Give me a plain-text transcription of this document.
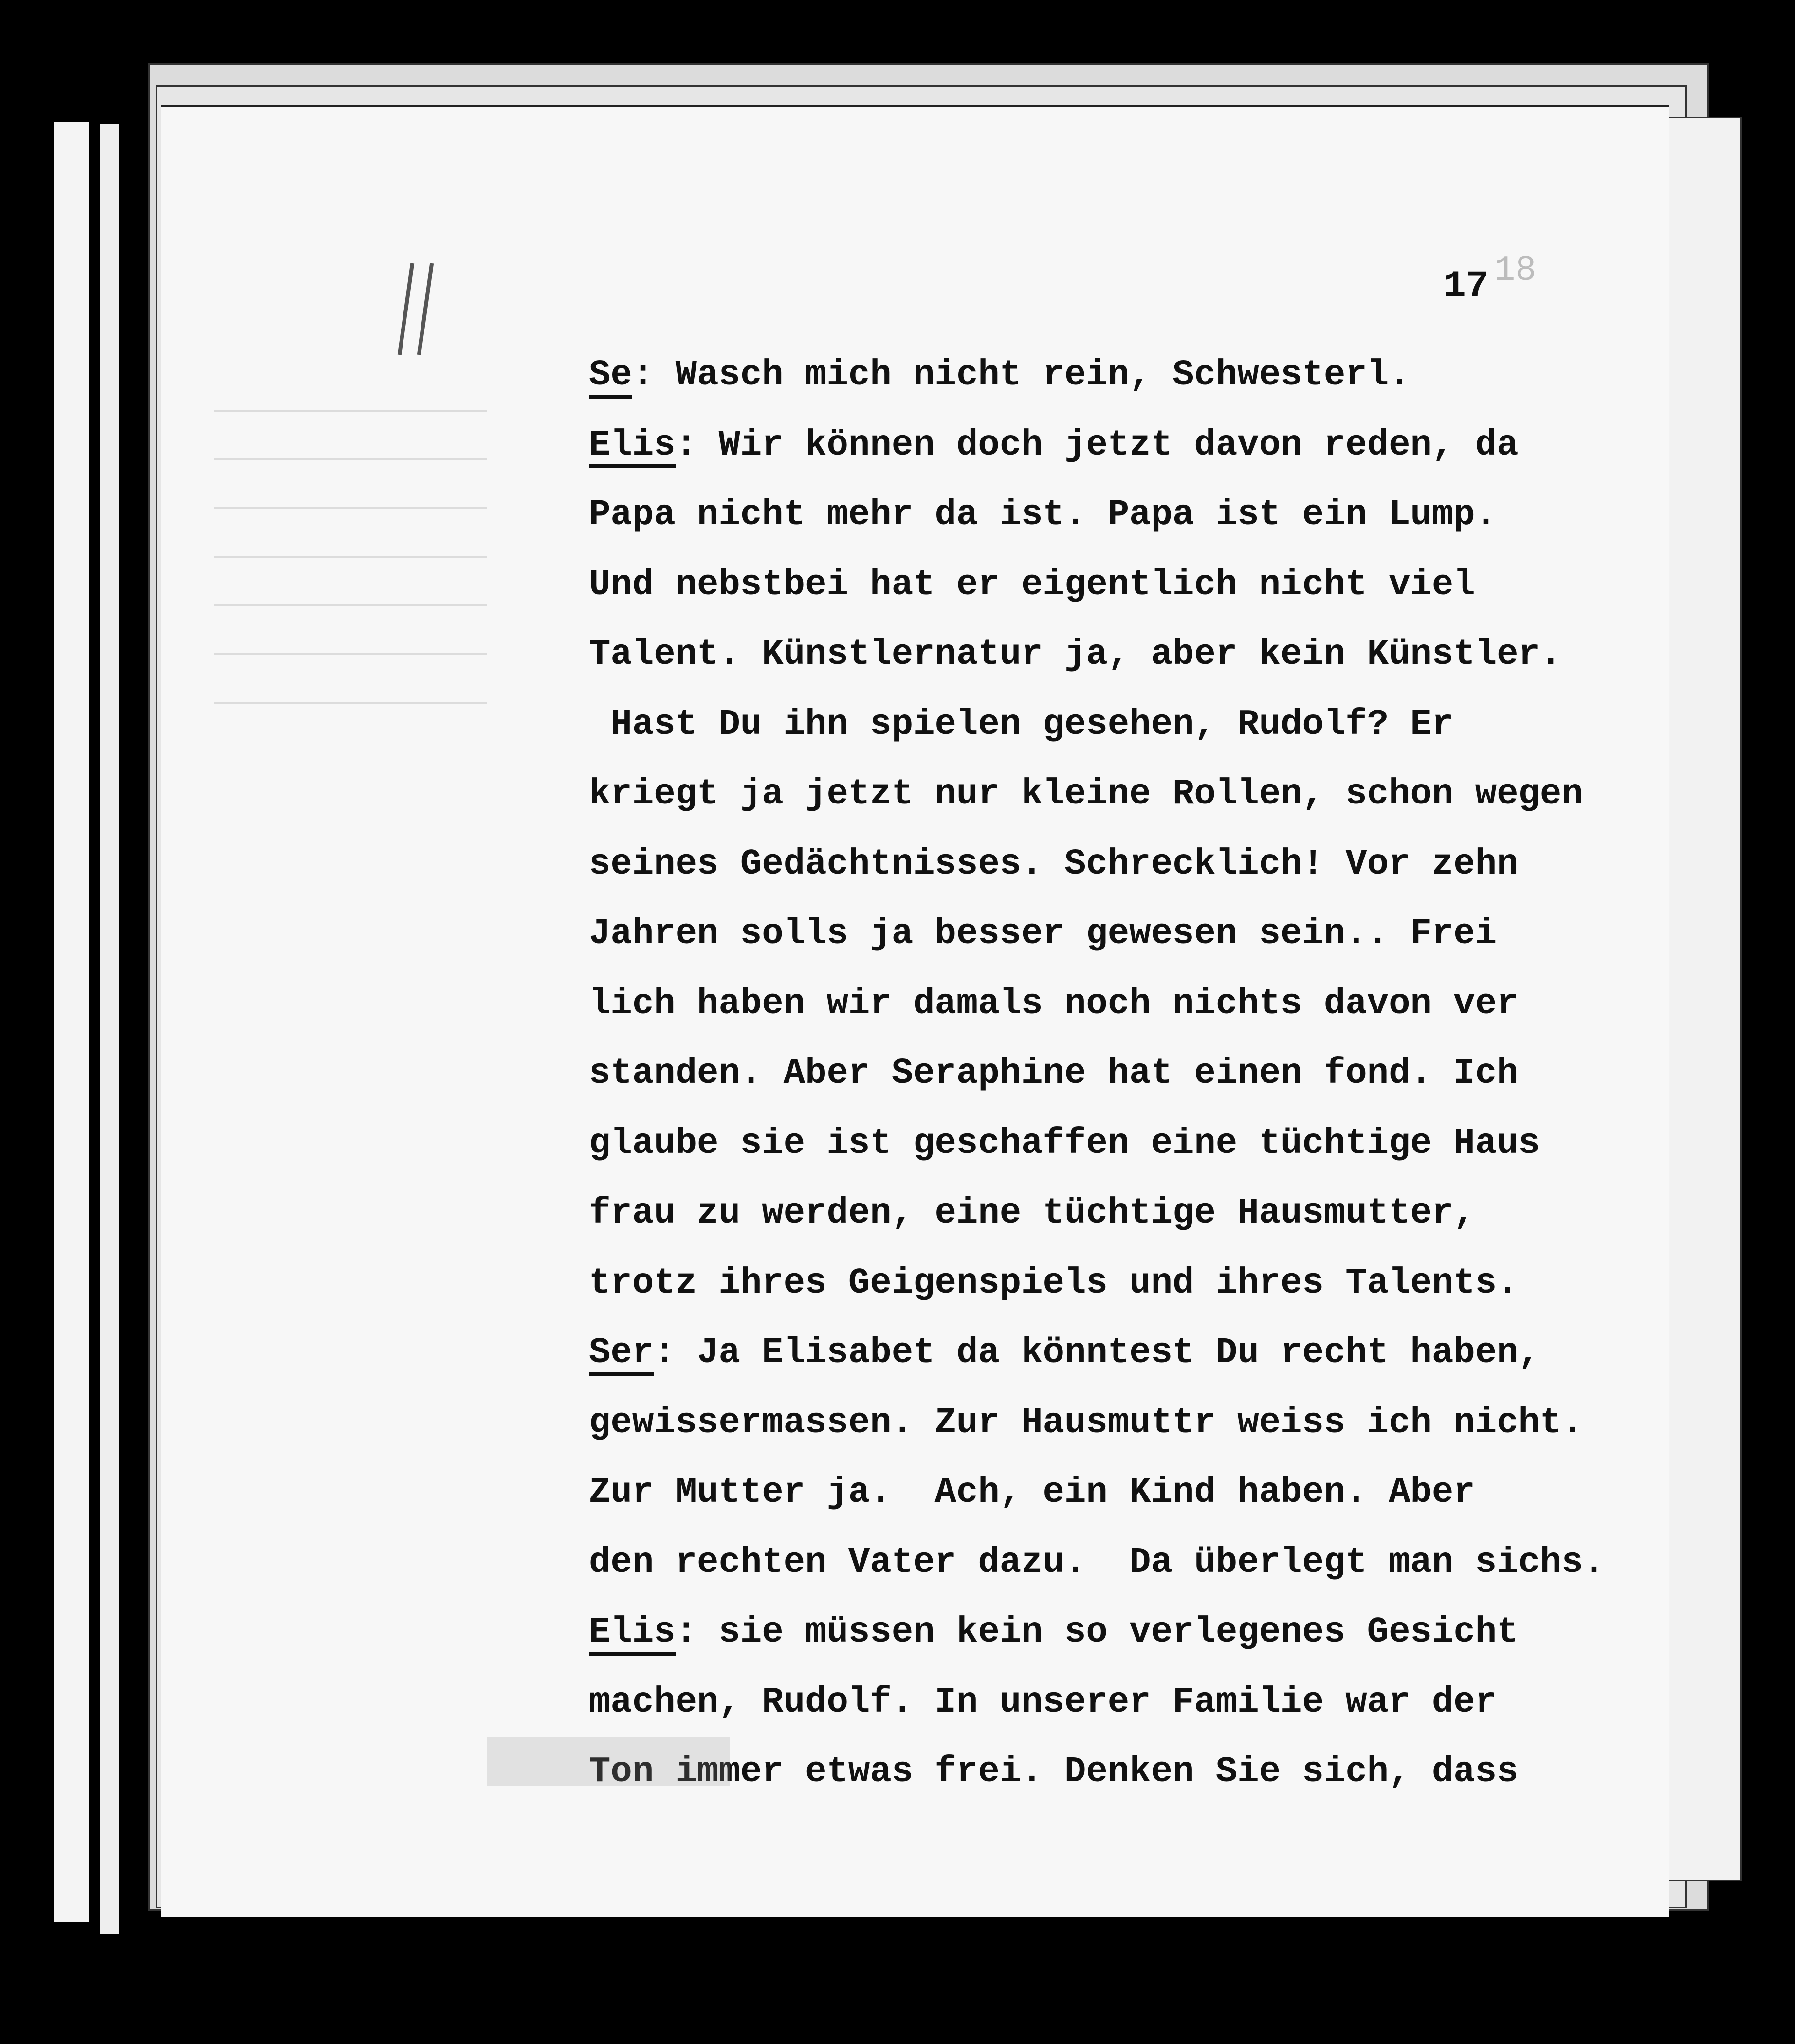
18
17
Se: Wasch mich nicht rein, Schwesterl.
Elis: Wir können doch jetzt davon reden, da
Papa nicht mehr da ist. Papa ist ein Lump.
Und nebstbei hat er eigentlich nicht viel
Talent. Künstlernatur ja, aber kein Künstler.
Hast Du ihn spielen gesehen, Rudolf? Er
kriegt ja jetzt nur kleine Rollen, schon wegen
seines Gedächtnisses. Schrecklich! Vor zehn
Jahren solls ja besser gewesen sein.. Frei
lich haben wir damals noch nichts davon ver
standen. Aber Seraphine hat einen fond. Ich
glaube sie ist geschaffen eine tüchtige Haus
frau zu werden, eine tüchtige Hausmutter,
trotz ihres Geigenspiels und ihres Talents.
Ser: Ja Elisabet da könntest Du recht haben,
gewissermassen. Zur Hausmuttr weiss ich nicht.
Zur Mutter ja.  Ach, ein Kind haben. Aber
den rechten Vater dazu.  Da überlegt man sichs.
Elis: sie müssen kein so verlegenes Gesicht
machen, Rudolf. In unserer Familie war der
Ton immer etwas frei. Denken Sie sich, dass
